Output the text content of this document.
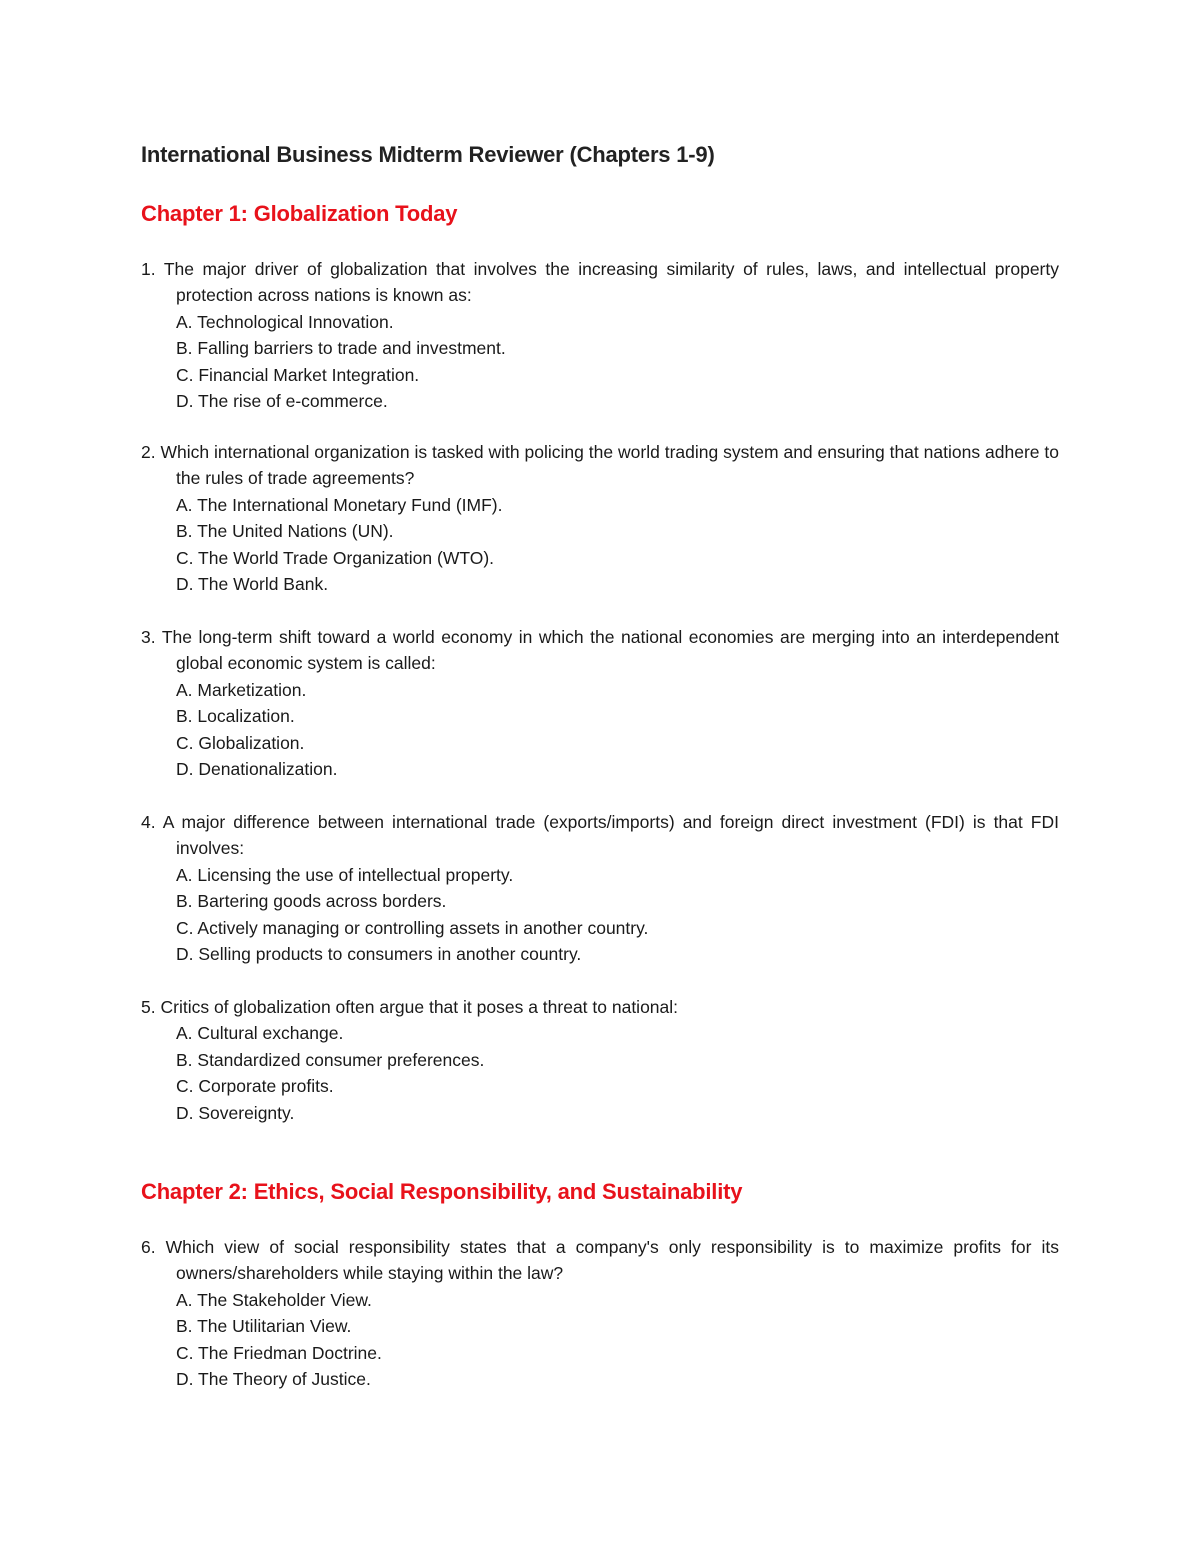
International Business Midterm Reviewer (Chapters 1-9)
Chapter 1: Globalization Today

1. The major driver of globalization that involves the increasing similarity of rules, laws, and intellectual property protection across nations is known as:

A. Technological Innovation.
B. Falling barriers to trade and investment.
C. Financial Market Integration.
D. The rise of e-commerce.

2. Which international organization is tasked with policing the world trading system and ensuring that nations adhere to the rules of trade agreements?

A. The International Monetary Fund (IMF).
B. The United Nations (UN).
C. The World Trade Organization (WTO).
D. The World Bank.

3. The long-term shift toward a world economy in which the national economies are merging into an interdependent global economic system is called:

A. Marketization.
B. Localization.
C. Globalization.
D. Denationalization.

4. A major difference between international trade (exports/imports) and foreign direct investment (FDI) is that FDI involves:

A. Licensing the use of intellectual property.
B. Bartering goods across borders.
C. Actively managing or controlling assets in another country.
D. Selling products to consumers in another country.

5. Critics of globalization often argue that it poses a threat to national:

A. Cultural exchange.
B. Standardized consumer preferences.
C. Corporate profits.
D. Sovereignty.
Chapter 2: Ethics, Social Responsibility, and Sustainability

6. Which view of social responsibility states that a company's only responsibility is to maximize profits for its owners/shareholders while staying within the law?

A. The Stakeholder View.
B. The Utilitarian View.
C. The Friedman Doctrine.
D. The Theory of Justice.
